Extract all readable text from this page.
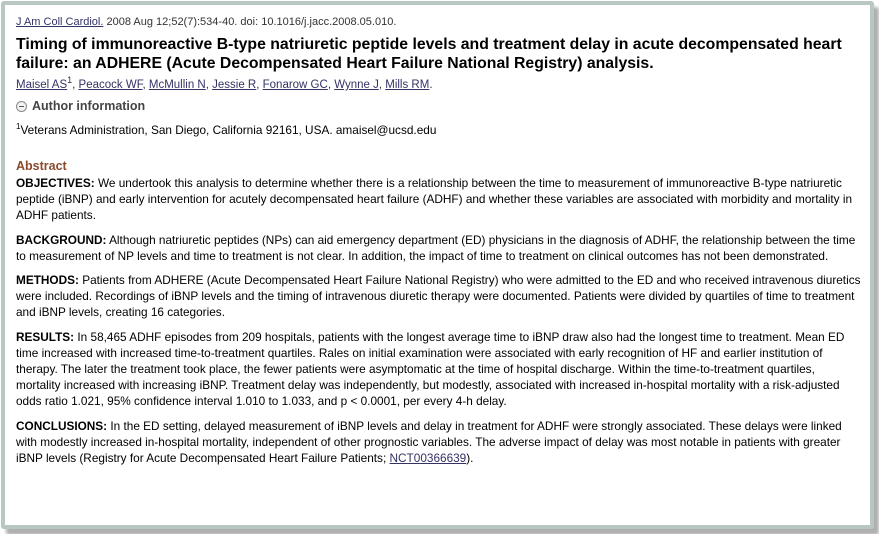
J Am Coll Cardiol. 2008 Aug 12;52(7):534-40. doi: 10.1016/j.jacc.2008.05.010.

Timing of immunoreactive B-type natriuretic peptide levels and treatment delay in acute decompensated heart failure: an ADHERE (Acute Decompensated Heart Failure National Registry) analysis.

Maisel $AS^1$, Peacock WF, McMullin N, Jessie R, Fonarow GC, Wynne J, Mills RM.

Author information

$^1$Veterans Administration, San Diego, California 92161, USA. amaisel@ucsd.edu

Abstract

OBJECTIVES: We undertook this analysis to determine whether there is a relationship between the time to measurement of immunoreactive B-type natriuretic peptide (iBNP) and early intervention for acutely decompensated heart failure (ADHF) and whether these variables are associated with morbidity and mortality in ADHF patients.

BACKGROUND: Although natriuretic peptides (NPs) can aid emergency department (ED) physicians in the diagnosis of ADHF, the relationship between the time to measurement of NP levels and time to treatment is not clear. In addition, the impact of time to treatment on clinical outcomes has not been demonstrated.

METHODS: Patients from ADHERE (Acute Decompensated Heart Failure National Registry) who were admitted to the ED and who received intravenous diuretics were included. Recordings of iBNP levels and the timing of intravenous diuretic therapy were documented. Patients were divided by quartiles of time to treatment and iBNP levels, creating 16 categories.

RESULTS: In 58,465 ADHF episodes from 209 hospitals, patients with the longest average time to iBNP draw also had the longest time to treatment. Mean ED time increased with increased time-to-treatment quartiles. Rales on initial examination were associated with early recognition of HF and earlier institution of therapy. The later the treatment took place, the fewer patients were asymptomatic at the time of hospital discharge. Within the time-to-treatment quartiles, mortality increased with increasing iBNP. Treatment delay was independently, but modestly, associated with increased in-hospital mortality with a risk-adjusted odds ratio 1.021, 95% confidence interval 1.010 to 1.033, and p < 0.0001, per every 4-h delay.

CONCLUSIONS: In the ED setting, delayed measurement of iBNP levels and delay in treatment for ADHF were strongly associated. These delays were linked with modestly increased in-hospital mortality, independent of other prognostic variables. The adverse impact of delay was most notable in patients with greater iBNP levels (Registry for Acute Decompensated Heart Failure Patients; NCT00366639).
